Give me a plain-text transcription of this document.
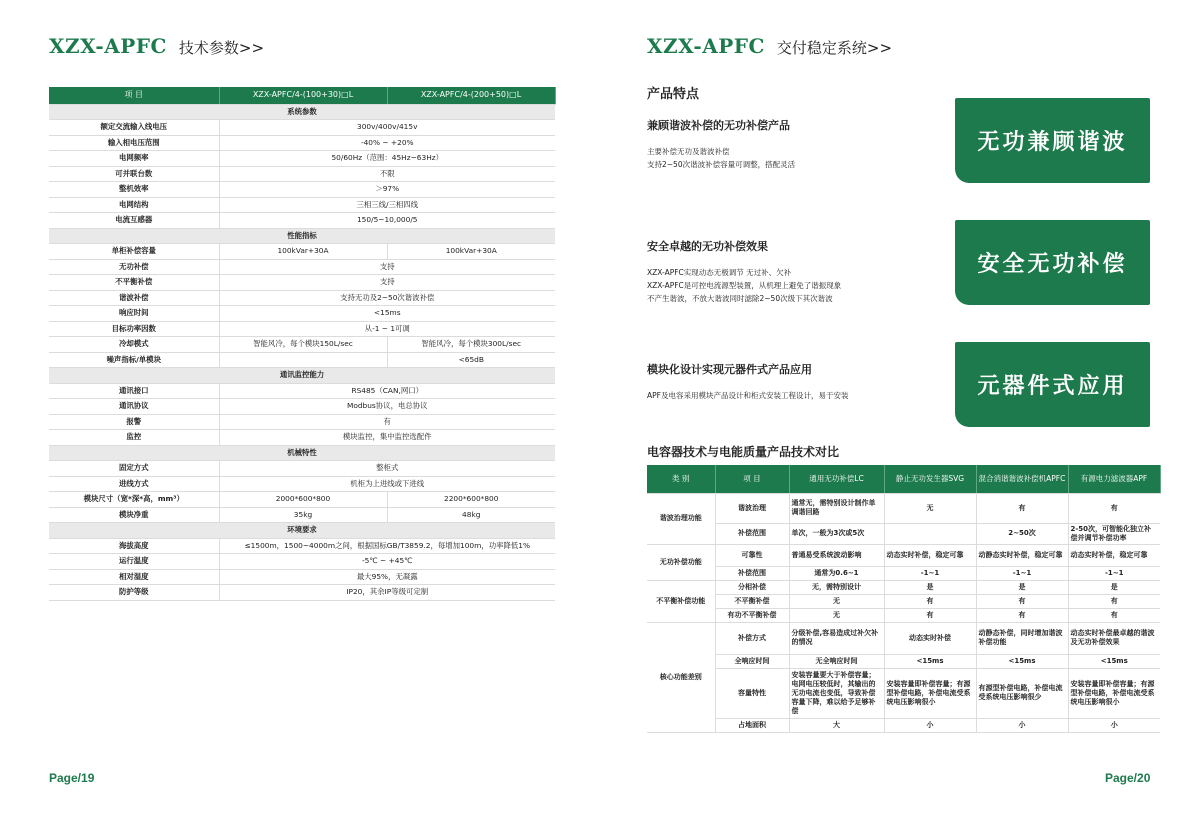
XZX-APFC 技术参数>>
项 目	XZX-APFC/4-(100+30)□L	XZX-APFC/4-(200+50)□L
系统参数		
额定交流输入线电压	300v/400v/415v	
输入相电压范围	-40% ~ +20%	
电网频率	50/60Hz（范围：45Hz~63Hz）	
可并联台数	不限	
整机效率	＞97%	
电网结构	三相三线/三相四线	
电流互感器	150/5~10,000/5	
性能指标		
单柜补偿容量	100kVar+30A	100kVar+30A
无功补偿	支持	
不平衡补偿	支持	
谐波补偿	支持无功及2~50次谐波补偿	
响应时间	<15ms	
目标功率因数	从-1 ~ 1可调	
冷却模式	智能风冷，每个模块150L/sec	智能风冷，每个模块300L/sec
噪声指标/单模块		<65dB
通讯监控能力		
通讯接口	RS485（CAN,网口）	
通讯协议	Modbus协议，电总协议	
报警	有	
监控	模块监控，集中监控选配件	
机械特性		
固定方式	整柜式	
进线方式	机柜为上进线或下进线	
模块尺寸（宽*深*高，mm³）	2000*600*800	2200*600*800
模块净重	35kg	48kg
环境要求		
海拔高度	≤1500m，1500~4000m之间，根据国标GB/T3859.2，每增加100m，功率降低1%	
运行温度	-5℃ ~ +45℃	
相对湿度	最大95%，无凝露	
防护等级	IP20，其余IP等级可定制	
Page/19
XZX-APFC 交付稳定系统>>
产品特点
兼顾谐波补偿的无功补偿产品
主要补偿无功及谐波补偿
支持2~50次谐波补偿容量可调整，搭配灵活
无功兼顾谐波
安全卓越的无功补偿效果
XZX-APFC实现动态无极调节 无过补、欠补
XZX-APFC是可控电流源型装置，从机理上避免了谐振现象
不产生谐波，不放大谐波同时滤除2~50次级下其次谐波
安全无功补偿
模块化设计实现元器件式产品应用
APF及电容采用模块产品设计和柜式安装工程设计，易于安装	元器件式应用
电容器技术与电能质量产品技术对比
类 别	项 目	通用无功补偿LC	静止无功发生器SVG	混合消谐谐波补偿机APFC	有源电力滤波器APF
谐波治理功能	谐波治理	通常无，需特别设计制作单调谐回路	无	有	有
	补偿范围	单次，一般为3次或5次		2~50次	2-50次，可智能化独立补偿并调节补偿功率
无功补偿功能	可靠性	普通易受系统波动影响	动态实时补偿，稳定可靠	动静态实时补偿，稳定可靠	动态实时补偿，稳定可靠
	补偿范围	通常为0.6~1	-1~1	-1~1	-1~1
不平衡补偿功能	分相补偿	无，需特别设计	是	是	是
	不平衡补偿	无	有	有	有
	有功不平衡补偿	无	有	有	有
核心功能差别	补偿方式	分级补偿,容易造成过补欠补的情况	动态实时补偿	动静态补偿，同时增加谐波补偿功能	动态实时补偿最卓越的谐波及无功补偿效果
	全响应时间	无全响应时间	<15ms	<15ms	<15ms
	容量特性	安装容量要大于补偿容量；电网电压较低时，其输出的无功电流也变低，导致补偿容量下降，难以给予足够补偿	安装容量即补偿容量；有源型补偿电路，补偿电流受系统电压影响很小	有源型补偿电路，补偿电流受系统电压影响很少	安装容量即补偿容量；有源型补偿电路，补偿电流受系统电压影响很小
	占地面积	大	小	小	小
Page/20
